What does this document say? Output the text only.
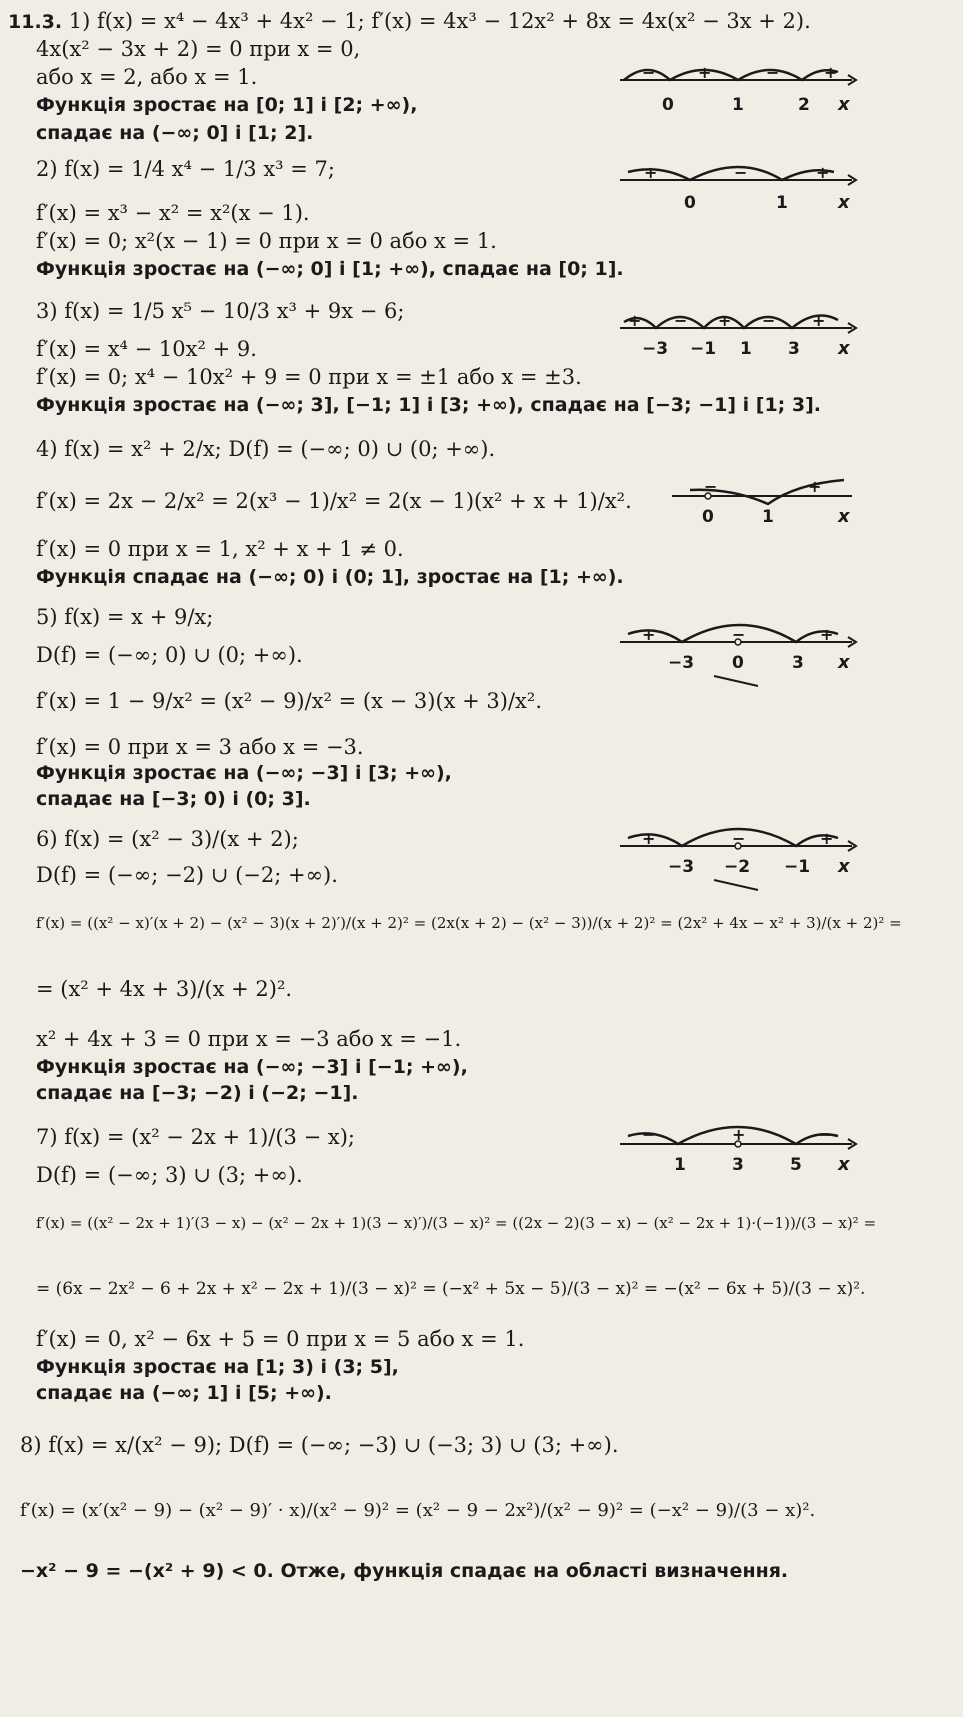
11.3. 1) f(x) = x⁴ − 4x³ + 4x² − 1; f′(x) = 4x³ − 12x² + 8x = 4x(x² − 3x + 2).
4x(x² − 3x + 2) = 0 при x = 0,
або x = 2, або x = 1.
Функція зростає на [0; 1] і [2; +∞),
спадає на (−∞; 0] і [1; 2].
−	+	−	+
0	1	2 x
2) f(x) = 1/4 x⁴ − 1/3 x³ = 7;
f′(x) = x³ − x² = x²(x − 1).
f′(x) = 0; x²(x − 1) = 0 при x = 0 або x = 1.
Функція зростає на (−∞; 0] і [1; +∞), спадає на [0; 1].
+	−	+
0	1	x
3) f(x) = 1/5 x⁵ − 10/3 x³ + 9x − 6;
f′(x) = x⁴ − 10x² + 9.
f′(x) = 0; x⁴ − 10x² + 9 = 0 при x = ±1 або x = ±3.
Функція зростає на (−∞; 3], [−1; 1] і [3; +∞), спадає на [−3; −1] і [1; 3].
+ − + − +
−3 −1 1 3 x
4) f(x) = x² + 2/x; D(f) = (−∞; 0) ∪ (0; +∞).
f′(x) = 2x − 2/x² = 2(x³ − 1)/x² = 2(x − 1)(x² + x + 1)/x².
f′(x) = 0 при x = 1, x² + x + 1 ≠ 0.
Функція спадає на (−∞; 0) і (0; 1], зростає на [1; +∞).
−	+
0	1	x
5) f(x) = x + 9/x;
D(f) = (−∞; 0) ∪ (0; +∞).
f′(x) = 1 − 9/x² = (x² − 9)/x² = (x − 3)(x + 3)/x².
f′(x) = 0 при x = 3 або x = −3.
Функція зростає на (−∞; −3] і [3; +∞),
спадає на [−3; 0) і (0; 3].
+	−	+
−3 0	3 x
6) f(x) = (x² − 3)/(x + 2);
D(f) = (−∞; −2) ∪ (−2; +∞).
f′(x) = ((x² − x)′(x + 2) − (x² − 3)(x + 2)′)/(x + 2)² = (2x(x + 2) − (x² − 3))/(x + 2)² = (2x² + 4x − x² + 3)/(x + 2)² =
= (x² + 4x + 3)/(x + 2)².
x² + 4x + 3 = 0 при x = −3 або x = −1.
Функція зростає на (−∞; −3] і [−1; +∞),
спадає на [−3; −2) і (−2; −1].
+	−	+
−3 −2 −1 x
7) f(x) = (x² − 2x + 1)/(3 − x);
D(f) = (−∞; 3) ∪ (3; +∞).
f′(x) = ((x² − 2x + 1)′(3 − x) − (x² − 2x + 1)(3 − x)′)/(3 − x)² = ((2x − 2)(3 − x) − (x² − 2x + 1)·(−1))/(3 − x)² =
= (6x − 2x² − 6 + 2x + x² − 2x + 1)/(3 − x)² = (−x² + 5x − 5)/(3 − x)² = −(x² − 6x + 5)/(3 − x)².
f′(x) = 0, x² − 6x + 5 = 0 при x = 5 або x = 1.
Функція зростає на [1; 3) і (3; 5],
спадає на (−∞; 1] і [5; +∞).
−	+	−
1	3	5 x
8) f(x) = x/(x² − 9); D(f) = (−∞; −3) ∪ (−3; 3) ∪ (3; +∞).
f′(x) = (x′(x² − 9) − (x² − 9)′ · x)/(x² − 9)² = (x² − 9 − 2x²)/(x² − 9)² = (−x² − 9)/(3 − x)².
−x² − 9 = −(x² + 9) < 0. Отже, функція спадає на області визначення.
